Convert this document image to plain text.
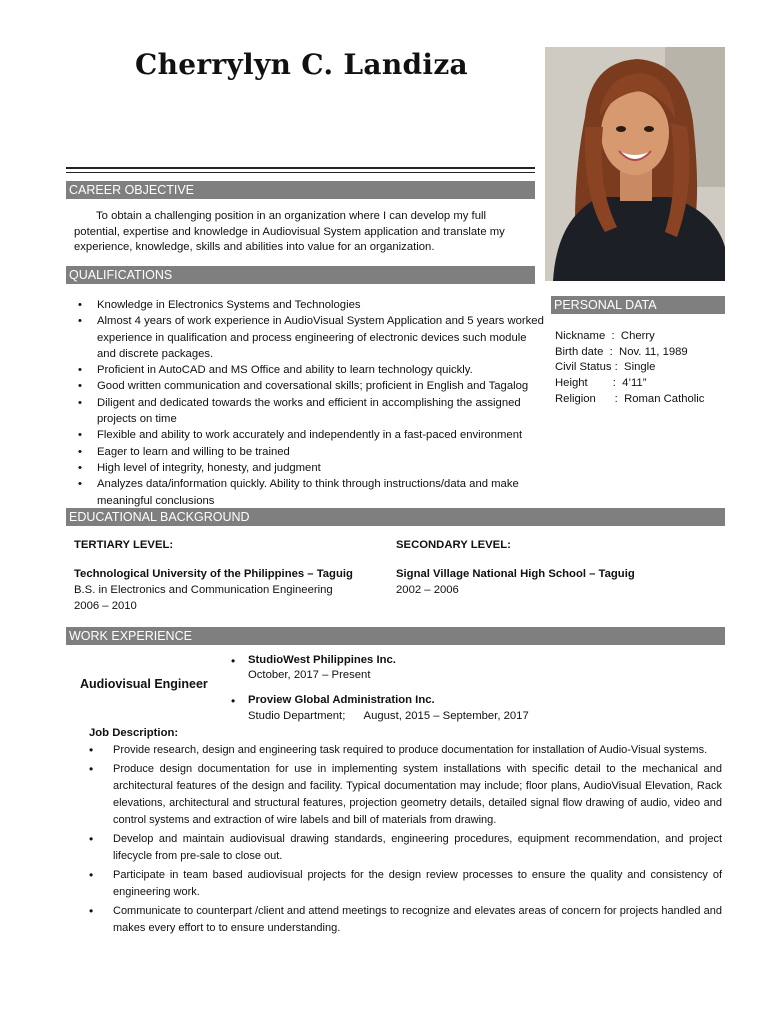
Cherrylyn C. Landiza
CAREER OBJECTIVE
To obtain a challenging position in an organization where I can develop my full potential, expertise and knowledge in Audiovisual System application and translate my experience, knowledge, skills and abilities into value for an organization.
QUALIFICATIONS
• Knowledge in Electronics Systems and Technologies
• Almost 4 years of work experience in AudioVisual System Application and 5 years worked experience in qualification and process engineering of electronic devices such module and discrete packages.
• Proficient in AutoCAD and MS Office and ability to learn technology quickly.
• Good written communication and coversational skills; proficient in English and Tagalog
• Diligent and dedicated towards the works and efficient in accomplishing the assigned projects on time
• Flexible and ability to work accurately and independently in a fast-paced environment
• Eager to learn and willing to be trained
• High level of integrity, honesty, and judgment
• Analyzes data/information quickly. Ability to think through instructions/data and make meaningful conclusions
PERSONAL DATA
Nickname  :  Cherry
Birth date  :  Nov. 11, 1989
Civil Status :  Single
Height        :  4’11”
Religion      :  Roman Catholic
EDUCATIONAL BACKGROUND
TERTIARY LEVEL:
Technological University of the Philippines – Taguig
B.S. in Electronics and Communication Engineering
2006 – 2010
SECONDARY LEVEL:
Signal Village National High School – Taguig
2002 – 2006
WORK EXPERIENCE
Audiovisual Engineer
• StudioWest Philippines Inc.
October, 2017 – Present
• Proview Global Administration Inc.
Studio Department;      August, 2015 – September, 2017
Job Description:
• Provide research, design and engineering task required to produce documentation for installation of Audio-Visual systems.
• Produce design documentation for use in implementing system installations with specific detail to the mechanical and architectural features of the design and facility. Typical documentation may include; floor plans, AudioVisual Elevation, Rack elevations, architectural and structural features, projection geometry details, detailed signal flow drawing of audio, video and control systems and extraction of wire labels and bill of materials from drawing.
• Develop and maintain audiovisual drawing standards, engineering procedures, equipment recommendation, and project lifecycle from pre-sale to close out.
• Participate in team based audiovisual projects for the design review processes to ensure the quality and consistency of engineering work.
• Communicate to counterpart /client and attend meetings to recognize and elevates areas of concern for projects handled and makes every effort to to ensure understanding.
